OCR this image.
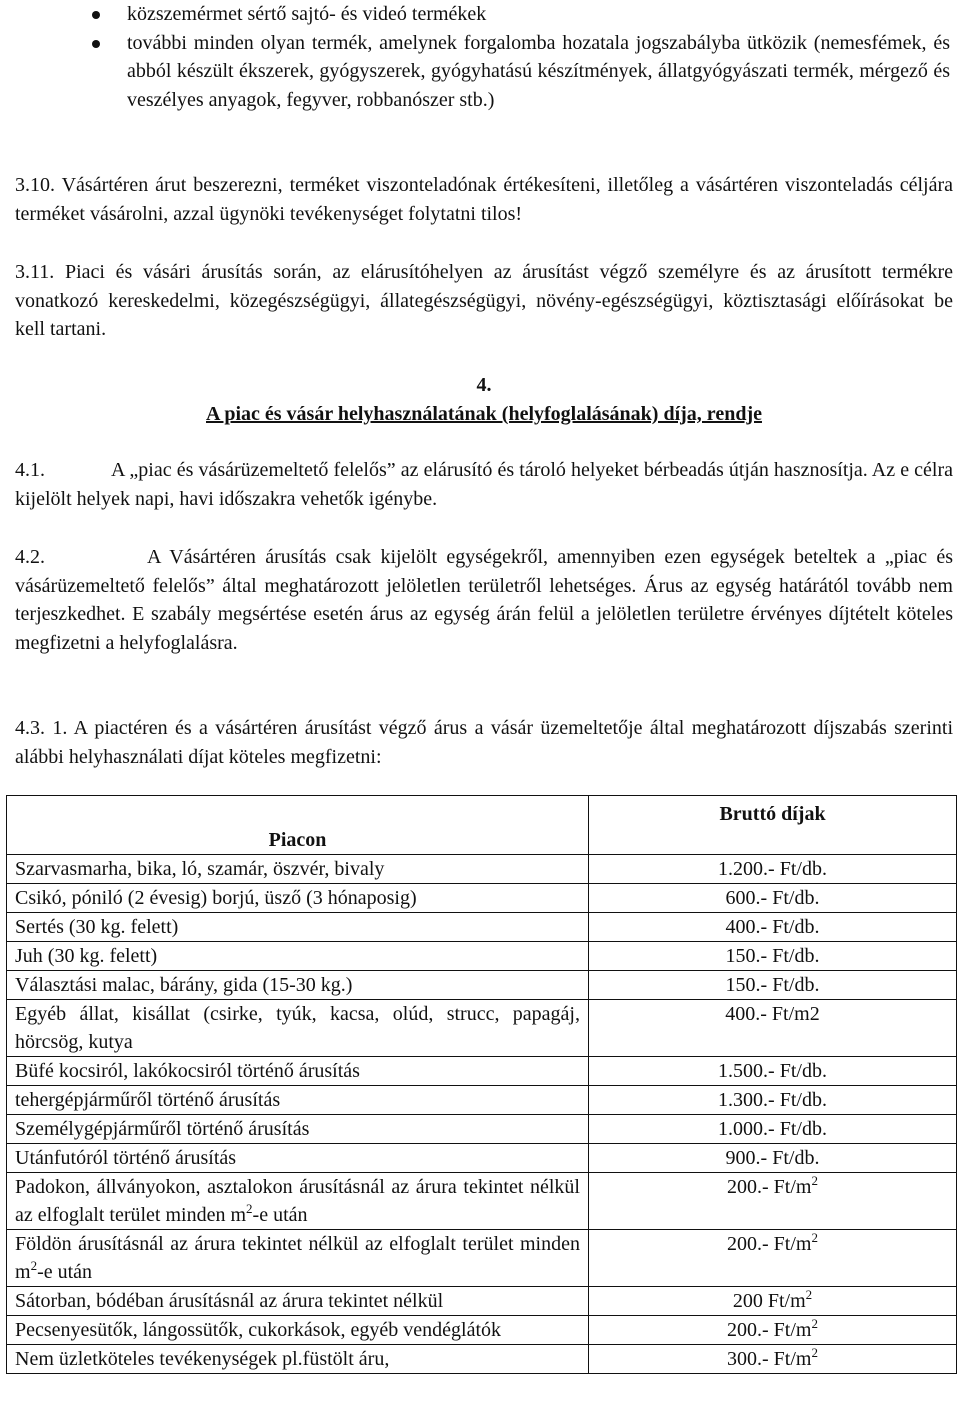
közszemérmet sértő sajtó- és videó termékek
további minden olyan termék, amelynek forgalomba hozatala jogszabályba ütközik (nemesfémek, és abból készült ékszerek, gyógyszerek, gyógyhatású készítmények, állatgyógyászati termék, mérgező és veszélyes anyagok, fegyver, robbanószer stb.)
3.10. Vásártéren árut beszerezni, terméket viszonteladónak értékesíteni, illetőleg a vásártéren viszonteladás céljára terméket vásárolni, azzal ügynöki tevékenységet folytatni tilos!
3.11. Piaci és vásári árusítás során, az elárusítóhelyen az árusítást végző személyre és az árusított termékre vonatkozó kereskedelmi, közegészségügyi, állategészségügyi, növény-egészségügyi, köztisztasági előírásokat be kell tartani.
4.
A piac és vásár helyhasználatának (helyfoglalásának) díja, rendje
4.1.	A „piac és vásárüzemeltető felelős” az elárusító és tároló helyeket bérbeadás útján hasznosítja. Az e célra kijelölt helyek napi, havi időszakra vehetők igénybe.
4.2.	A Vásártéren árusítás csak kijelölt egységekről, amennyiben ezen egységek beteltek a „piac és vásárüzemeltető felelős” által meghatározott jelöletlen területről lehetséges. Árus az egység határától tovább nem terjeszkedhet. E szabály megsértése esetén árus az egység árán felül a jelöletlen területre érvényes díjtételt köteles megfizetni a helyfoglalásra.
4.3. 1. A piactéren és a vásártéren árusítást végző árus a vásár üzemeltetője által meghatározott díjszabás szerinti alábbi helyhasználati díjat köteles megfizetni:
Piacon	Bruttó díjak
Szarvasmarha, bika, ló, szamár, öszvér, bivaly	1.200.- Ft/db.
Csikó, póniló (2 évesig) borjú, üsző (3 hónaposig)	600.- Ft/db.
Sertés (30 kg. felett)	400.- Ft/db.
Juh (30 kg. felett)	150.- Ft/db.
Választási malac, bárány, gida (15-30 kg.)	150.- Ft/db.
Egyéb állat, kisállat (csirke, tyúk, kacsa, olúd, strucc, papagáj, hörcsög, kutya	400.- Ft/m2
Büfé kocsiról, lakókocsiról történő árusítás	1.500.- Ft/db.
tehergépjárműről történő árusítás	1.300.- Ft/db.
Személygépjárműről történő árusítás	1.000.- Ft/db.
Utánfutóról történő árusítás	900.- Ft/db.
Padokon, állványokon, asztalokon árusításnál az árura tekintet nélkül az elfoglalt terület minden $m^2-e$ után	200.- $Ft/m^2$
Földön árusításnál az árura tekintet nélkül az elfoglalt terület minden $m^2-e$ után	200.- $Ft/m^2$
Sátorban, bódéban árusításnál az árura tekintet nélkül	200 $Ft/m^2$
Pecsenyesütők, lángossütők, cukorkások, egyéb vendéglátók	200.- $Ft/m^2$
Nem üzletköteles tevékenységek pl.füstölt áru,	300.- $Ft/m^2$
